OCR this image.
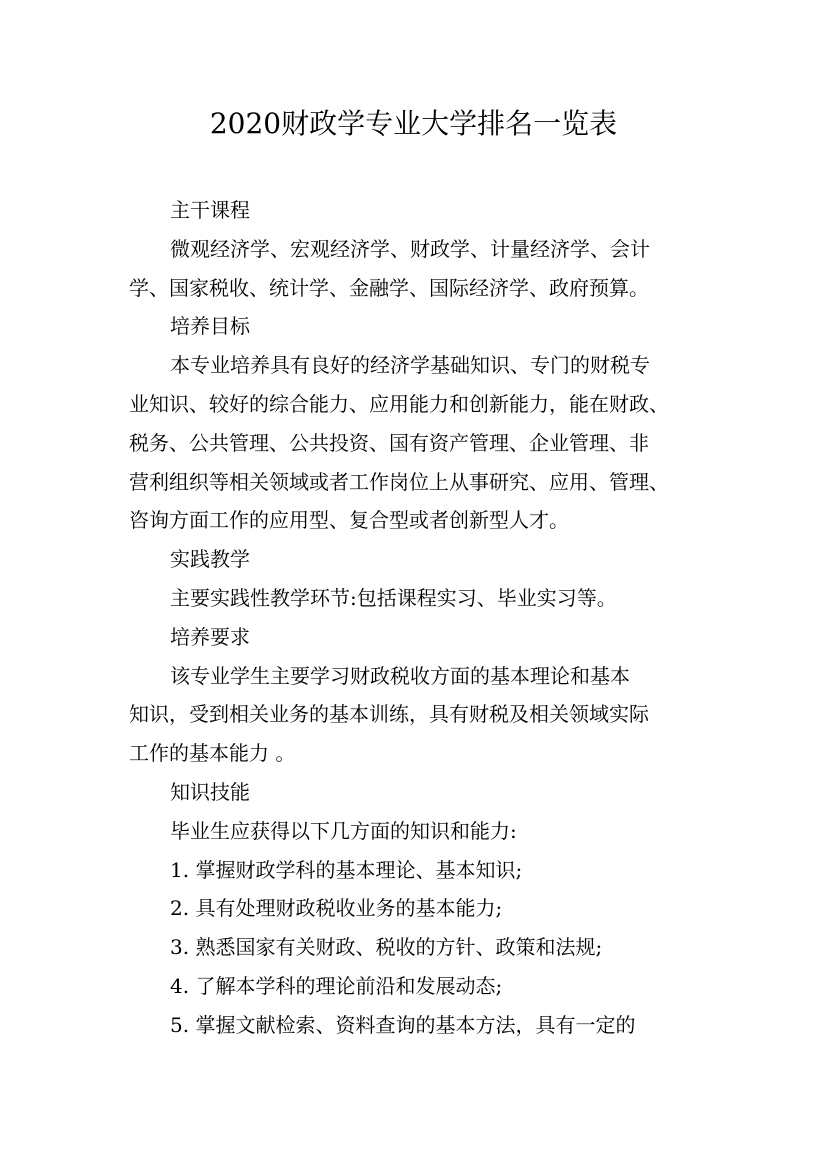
2020财政学专业大学排名一览表

主干课程

微观经济学、宏观经济学、财政学、计量经济学、会计

学、国家税收、统计学、金融学、国际经济学、政府预算。

培养目标

本专业培养具有良好的经济学基础知识、专门的财税专

业知识、较好的综合能力、应用能力和创新能力，能在财政、

税务、公共管理、公共投资、国有资产管理、企业管理、非

营利组织等相关领域或者工作岗位上从事研究、应用、管理、

咨询方面工作的应用型、复合型或者创新型人才。

实践教学

主要实践性教学环节:包括课程实习、毕业实习等。

培养要求

该专业学生主要学习财政税收方面的基本理论和基本

知识，受到相关业务的基本训练，具有财税及相关领域实际

工作的基本能力 。

知识技能

毕业生应获得以下几方面的知识和能力:

1. 掌握财政学科的基本理论、基本知识;

2. 具有处理财政税收业务的基本能力;

3. 熟悉国家有关财政、税收的方针、政策和法规;

4. 了解本学科的理论前沿和发展动态;

5. 掌握文献检索、资料查询的基本方法，具有一定的
